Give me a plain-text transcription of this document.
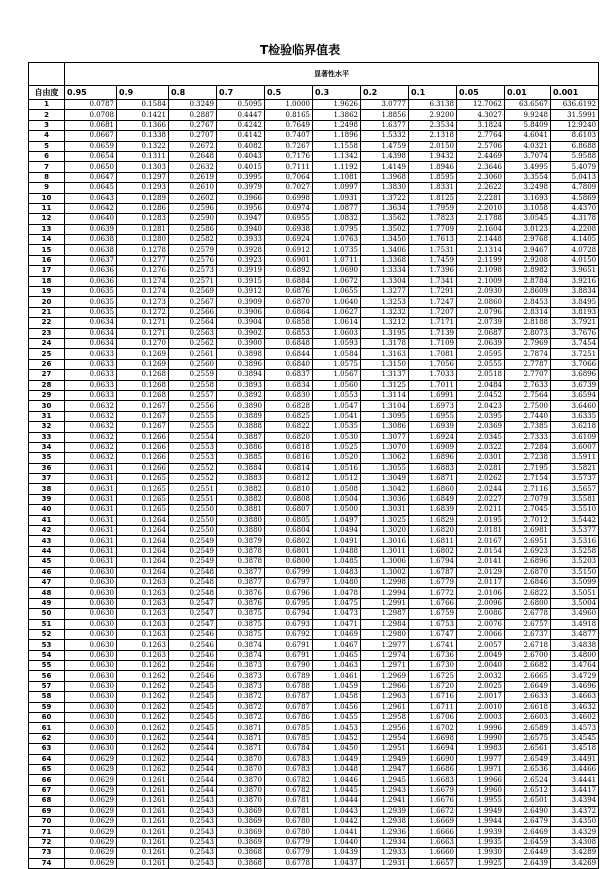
T检验临界值表
	显著性水平										
自由度	0.95	0.9	0.8	0.7	0.5	0.3	0.2	0.1	0.05	0.01	0.001
1	0.0787	0.1584	0.3249	0.5095	1.0000	1.9626	3.0777	6.3138	12.7062	63.6567	636.6192
2	0.0708	0.1421	0.2887	0.4447	0.8165	1.3862	1.8856	2.9200	4.3027	9.9248	31.5991
3	0.0681	0.1366	0.2767	0.4242	0.7649	1.2498	1.6377	2.3534	3.1824	5.8409	12.9240
4	0.0667	0.1338	0.2707	0.4142	0.7407	1.1896	1.5332	2.1318	2.7764	4.6041	8.6103
5	0.0659	0.1322	0.2672	0.4082	0.7267	1.1558	1.4759	2.0150	2.5706	4.0321	6.8688
6	0.0654	0.1311	0.2648	0.4043	0.7176	1.1342	1.4398	1.9432	2.4469	3.7074	5.9588
7	0.0650	0.1303	0.2632	0.4015	0.7111	1.1192	1.4149	1.8946	2.3646	3.4995	5.4079
8	0.0647	0.1297	0.2619	0.3995	0.7064	1.1081	1.3968	1.8595	2.3060	3.3554	5.0413
9	0.0645	0.1293	0.2610	0.3979	0.7027	1.0997	1.3830	1.8331	2.2622	3.2498	4.7809
10	0.0643	0.1289	0.2602	0.3966	0.6998	1.0931	1.3722	1.8125	2.2281	3.1693	4.5869
11	0.0642	0.1286	0.2596	0.3956	0.6974	1.0877	1.3634	1.7959	2.2010	3.1058	4.4370
12	0.0640	0.1283	0.2590	0.3947	0.6955	1.0832	1.3562	1.7823	2.1788	3.0545	4.3178
13	0.0639	0.1281	0.2586	0.3940	0.6938	1.0795	1.3502	1.7709	2.1604	3.0123	4.2208
14	0.0638	0.1280	0.2582	0.3933	0.6924	1.0763	1.3450	1.7613	2.1448	2.9768	4.1405
15	0.0638	0.1278	0.2579	0.3928	0.6912	1.0735	1.3406	1.7531	2.1314	2.9467	4.0728
16	0.0637	0.1277	0.2576	0.3923	0.6901	1.0711	1.3368	1.7459	2.1199	2.9208	4.0150
17	0.0636	0.1276	0.2573	0.3919	0.6892	1.0690	1.3334	1.7396	2.1098	2.8982	3.9651
18	0.0636	0.1274	0.2571	0.3915	0.6884	1.0672	1.3304	1.7341	2.1009	2.8784	3.9216
19	0.0635	0.1274	0.2569	0.3912	0.6876	1.0655	1.3277	1.7291	2.0930	2.8609	3.8834
20	0.0635	0.1273	0.2567	0.3909	0.6870	1.0640	1.3253	1.7247	2.0860	2.8453	3.8495
21	0.0635	0.1272	0.2566	0.3906	0.6864	1.0627	1.3232	1.7207	2.0796	2.8314	3.8193
22	0.0634	0.1271	0.2564	0.3904	0.6858	1.0614	1.3212	1.7171	2.0739	2.8188	3.7921
23	0.0634	0.1271	0.2563	0.3902	0.6853	1.0603	1.3195	1.7139	2.0687	2.8073	3.7676
24	0.0634	0.1270	0.2562	0.3900	0.6848	1.0593	1.3178	1.7109	2.0639	2.7969	3.7454
25	0.0633	0.1269	0.2561	0.3898	0.6844	1.0584	1.3163	1.7081	2.0595	2.7874	3.7251
26	0.0633	0.1269	0.2560	0.3896	0.6840	1.0575	1.3150	1.7056	2.0555	2.7787	3.7066
27	0.0633	0.1268	0.2559	0.3894	0.6837	1.0567	1.3137	1.7033	2.0518	2.7707	3.6896
28	0.0633	0.1268	0.2558	0.3893	0.6834	1.0560	1.3125	1.7011	2.0484	2.7633	3.6739
29	0.0633	0.1268	0.2557	0.3892	0.6830	1.0553	1.3114	1.6991	2.0452	2.7564	3.6594
30	0.0632	0.1267	0.2556	0.3890	0.6828	1.0547	1.3104	1.6973	2.0423	2.7500	3.6460
31	0.0632	0.1267	0.2555	0.3889	0.6825	1.0541	1.3095	1.6955	2.0395	2.7440	3.6335
32	0.0632	0.1267	0.2555	0.3888	0.6822	1.0535	1.3086	1.6939	2.0369	2.7385	3.6218
33	0.0632	0.1266	0.2554	0.3887	0.6820	1.0530	1.3077	1.6924	2.0345	2.7333	3.6109
34	0.0632	0.1266	0.2553	0.3886	0.6818	1.0525	1.3070	1.6909	2.0322	2.7284	3.6007
35	0.0632	0.1266	0.2553	0.3885	0.6816	1.0520	1.3062	1.6896	2.0301	2.7238	3.5911
36	0.0631	0.1266	0.2552	0.3884	0.6814	1.0516	1.3055	1.6883	2.0281	2.7195	3.5821
37	0.0631	0.1265	0.2552	0.3883	0.6812	1.0512	1.3049	1.6871	2.0262	2.7154	3.5737
38	0.0631	0.1265	0.2551	0.3882	0.6810	1.0508	1.3042	1.6860	2.0244	2.7116	3.5657
39	0.0631	0.1265	0.2551	0.3882	0.6808	1.0504	1.3036	1.6849	2.0227	2.7079	3.5581
40	0.0631	0.1265	0.2550	0.3881	0.6807	1.0500	1.3031	1.6839	2.0211	2.7045	3.5510
41	0.0631	0.1264	0.2550	0.3880	0.6805	1.0497	1.3025	1.6829	2.0195	2.7012	3.5442
42	0.0631	0.1264	0.2550	0.3880	0.6804	1.0494	1.3020	1.6820	2.0181	2.6981	3.5377
43	0.0631	0.1264	0.2549	0.3879	0.6802	1.0491	1.3016	1.6811	2.0167	2.6951	3.5316
44	0.0631	0.1264	0.2549	0.3878	0.6801	1.0488	1.3011	1.6802	2.0154	2.6923	3.5258
45	0.0631	0.1264	0.2549	0.3878	0.6800	1.0485	1.3006	1.6794	2.0141	2.6896	3.5203
46	0.0630	0.1264	0.2548	0.3877	0.6799	1.0483	1.3002	1.6787	2.0129	2.6870	3.5150
47	0.0630	0.1263	0.2548	0.3877	0.6797	1.0480	1.2998	1.6779	2.0117	2.6846	3.5099
48	0.0630	0.1263	0.2548	0.3876	0.6796	1.0478	1.2994	1.6772	2.0106	2.6822	3.5051
49	0.0630	0.1263	0.2547	0.3876	0.6795	1.0475	1.2991	1.6766	2.0096	2.6800	3.5004
50	0.0630	0.1263	0.2547	0.3875	0.6794	1.0473	1.2987	1.6759	2.0086	2.6778	3.4960
51	0.0630	0.1263	0.2547	0.3875	0.6793	1.0471	1.2984	1.6753	2.0076	2.6757	3.4918
52	0.0630	0.1263	0.2546	0.3875	0.6792	1.0469	1.2980	1.6747	2.0066	2.6737	3.4877
53	0.0630	0.1263	0.2546	0.3874	0.6791	1.0467	1.2977	1.6741	2.0057	2.6718	3.4838
54	0.0630	0.1263	0.2546	0.3874	0.6791	1.0465	1.2974	1.6736	2.0049	2.6700	3.4800
55	0.0630	0.1262	0.2546	0.3873	0.6790	1.0463	1.2971	1.6730	2.0040	2.6682	3.4764
56	0.0630	0.1262	0.2546	0.3873	0.6789	1.0461	1.2969	1.6725	2.0032	2.6665	3.4729
57	0.0630	0.1262	0.2545	0.3873	0.6788	1.0459	1.2966	1.6720	2.0025	2.6649	3.4696
58	0.0630	0.1262	0.2545	0.3872	0.6787	1.0458	1.2963	1.6716	2.0017	2.6633	3.4663
59	0.0630	0.1262	0.2545	0.3872	0.6787	1.0456	1.2961	1.6711	2.0010	2.6618	3.4632
60	0.0630	0.1262	0.2545	0.3872	0.6786	1.0455	1.2958	1.6706	2.0003	2.6603	3.4602
61	0.0630	0.1262	0.2545	0.3871	0.6785	1.0453	1.2956	1.6702	1.9996	2.6589	3.4573
62	0.0630	0.1262	0.2544	0.3871	0.6785	1.0452	1.2954	1.6698	1.9990	2.6575	3.4545
63	0.0630	0.1262	0.2544	0.3871	0.6784	1.0450	1.2951	1.6694	1.9983	2.6561	3.4518
64	0.0629	0.1262	0.2544	0.3870	0.6783	1.0449	1.2949	1.6690	1.9977	2.6549	3.4491
65	0.0629	0.1262	0.2544	0.3870	0.6783	1.0448	1.2947	1.6686	1.9971	2.6536	3.4466
66	0.0629	0.1261	0.2544	0.3870	0.6782	1.0446	1.2945	1.6683	1.9966	2.6524	3.4441
67	0.0629	0.1261	0.2544	0.3870	0.6782	1.0445	1.2943	1.6679	1.9960	2.6512	3.4417
68	0.0629	0.1261	0.2543	0.3870	0.6781	1.0444	1.2941	1.6676	1.9955	2.6501	3.4394
69	0.0629	0.1261	0.2543	0.3869	0.6781	1.0443	1.2939	1.6672	1.9949	2.6490	3.4372
70	0.0629	0.1261	0.2543	0.3869	0.6780	1.0442	1.2938	1.6669	1.9944	2.6479	3.4350
71	0.0629	0.1261	0.2543	0.3869	0.6780	1.0441	1.2936	1.6666	1.9939	2.6469	3.4329
72	0.0629	0.1261	0.2543	0.3869	0.6779	1.0440	1.2934	1.6663	1.9935	2.6459	3.4308
73	0.0629	0.1261	0.2543	0.3868	0.6779	1.0439	1.2933	1.6660	1.9930	2.6449	3.4289
74	0.0629	0.1261	0.2543	0.3868	0.6778	1.0437	1.2931	1.6657	1.9925	2.6439	3.4269
